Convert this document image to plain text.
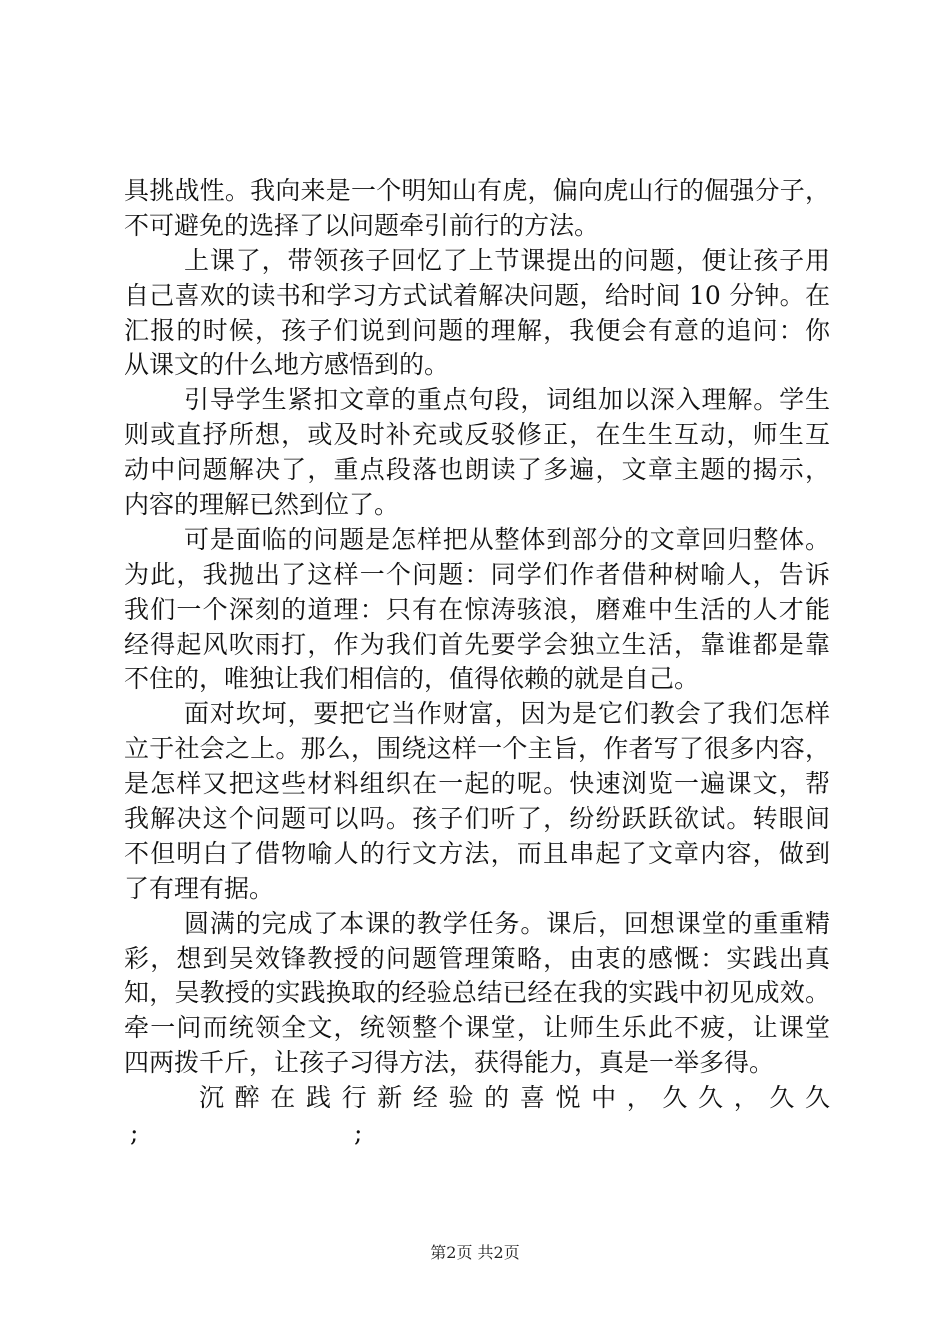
具挑战性。我向来是一个明知山有虎，偏向虎山行的倔强分子，
不可避免的选择了以问题牵引前行的方法。
上课了，带领孩子回忆了上节课提出的问题，便让孩子用
自己喜欢的读书和学习方式试着解决问题，给时间 10 分钟。在
汇报的时候，孩子们说到问题的理解，我便会有意的追问：你
从课文的什么地方感悟到的。
引导学生紧扣文章的重点句段，词组加以深入理解。学生
则或直抒所想，或及时补充或反驳修正，在生生互动，师生互
动中问题解决了，重点段落也朗读了多遍，文章主题的揭示，
内容的理解已然到位了。
可是面临的问题是怎样把从整体到部分的文章回归整体。
为此，我抛出了这样一个问题：同学们作者借种树喻人，告诉
我们一个深刻的道理：只有在惊涛骇浪，磨难中生活的人才能
经得起风吹雨打，作为我们首先要学会独立生活，靠谁都是靠
不住的，唯独让我们相信的，值得依赖的就是自己。
面对坎坷，要把它当作财富，因为是它们教会了我们怎样
立于社会之上。那么，围绕这样一个主旨，作者写了很多内容，
是怎样又把这些材料组织在一起的呢。快速浏览一遍课文，帮
我解决这个问题可以吗。孩子们听了，纷纷跃跃欲试。转眼间
不但明白了借物喻人的行文方法，而且串起了文章内容，做到
了有理有据。
圆满的完成了本课的教学任务。课后，回想课堂的重重精
彩，想到吴效锋教授的问题管理策略，由衷的感慨：实践出真
知，吴教授的实践换取的经验总结已经在我的实践中初见成效。
牵一问而统领全文，统领整个课堂，让师生乐此不疲，让课堂
四两拨千斤，让孩子习得方法，获得能力，真是一举多得。
沉醉在践行新经验的喜悦中，久久，久久
;	;
第2页 共2页
